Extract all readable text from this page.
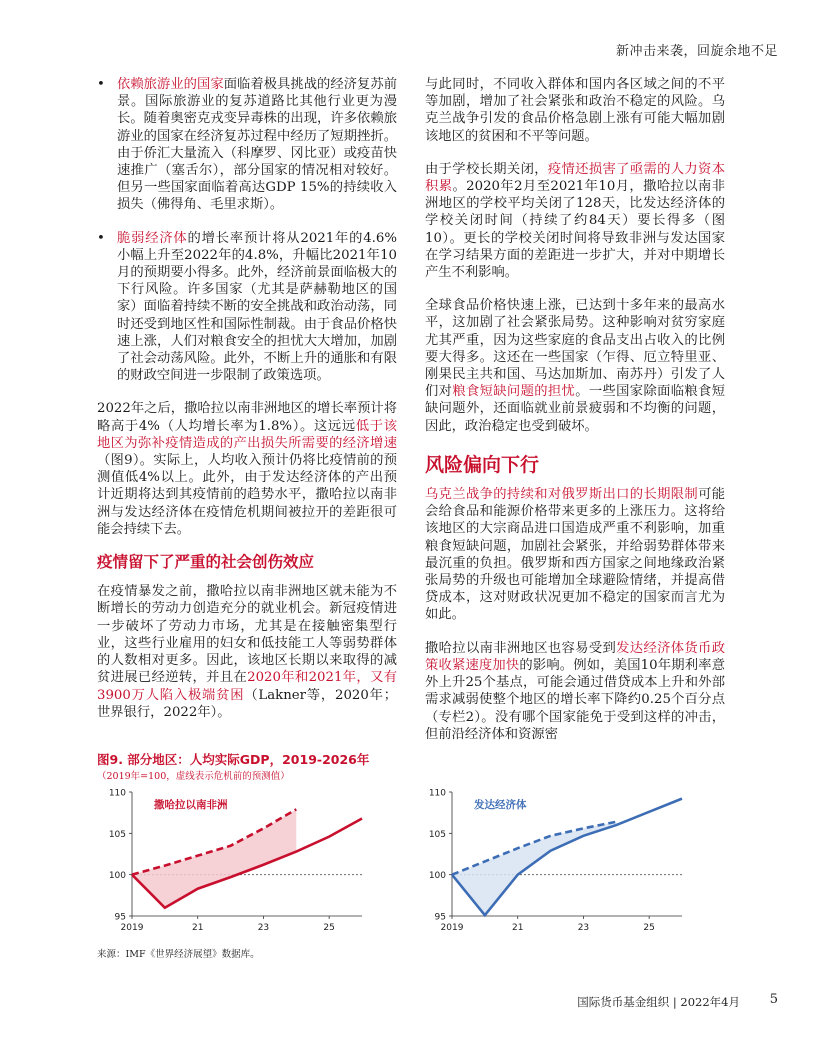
新冲击来袭，回旋余地不足
• 依赖旅游业的国家面临着极具挑战的经济复苏前景。国际旅游业的复苏道路比其他行业更为漫长。随着奥密克戎变异毒株的出现，许多依赖旅游业的国家在经济复苏过程中经历了短期挫折。由于侨汇大量流入（科摩罗、冈比亚）或疫苗快速推广（塞舌尔），部分国家的情况相对较好。但另一些国家面临着高达GDP 15%的持续收入损失（佛得角、毛里求斯）。
• 脆弱经济体的增长率预计将从2021年的4.6%小幅上升至2022年的4.8%，升幅比2021年10月的预期要小得多。此外，经济前景面临极大的下行风险。许多国家（尤其是萨赫勒地区的国家）面临着持续不断的安全挑战和政治动荡，同时还受到地区性和国际性制裁。由于食品价格快速上涨，人们对粮食安全的担忧大大增加，加剧了社会动荡风险。此外，不断上升的通胀和有限的财政空间进一步限制了政策选项。

2022年之后，撒哈拉以南非洲地区的增长率预计将略高于4%（人均增长率为1.8%）。这远远低于该地区为弥补疫情造成的产出损失所需要的经济增速（图9）。实际上，人均收入预计仍将比疫情前的预测值低4%以上。此外，由于发达经济体的产出预计近期将达到其疫情前的趋势水平，撒哈拉以南非洲与发达经济体在疫情危机期间被拉开的差距很可能会持续下去。

疫情留下了严重的社会创伤效应

在疫情暴发之前，撒哈拉以南非洲地区就未能为不断增长的劳动力创造充分的就业机会。新冠疫情进一步破坏了劳动力市场，尤其是在接触密集型行业，这些行业雇用的妇女和低技能工人等弱势群体的人数相对更多。因此，该地区长期以来取得的减贫进展已经逆转，并且在2020年和2021年，又有3900万人陷入极端贫困（Lakner等，2020年；世界银行，2022年）。

与此同时，不同收入群体和国内各区域之间的不平等加剧，增加了社会紧张和政治不稳定的风险。乌克兰战争引发的食品价格急剧上涨有可能大幅加剧该地区的贫困和不平等问题。

由于学校长期关闭，疫情还损害了亟需的人力资本积累。2020年2月至2021年10月，撒哈拉以南非洲地区的学校平均关闭了128天，比发达经济体的学校关闭时间（持续了约84天）要长得多（图10）。更长的学校关闭时间将导致非洲与发达国家在学习结果方面的差距进一步扩大，并对中期增长产生不利影响。

全球食品价格快速上涨，已达到十多年来的最高水平，这加剧了社会紧张局势。这种影响对贫穷家庭尤其严重，因为这些家庭的食品支出占收入的比例要大得多。这还在一些国家（乍得、厄立特里亚、刚果民主共和国、马达加斯加、南苏丹）引发了人们对粮食短缺问题的担忧。一些国家除面临粮食短缺问题外，还面临就业前景疲弱和不均衡的问题，因此，政治稳定也受到破坏。

风险偏向下行

乌克兰战争的持续和对俄罗斯出口的长期限制可能会给食品和能源价格带来更多的上涨压力。这将给该地区的大宗商品进口国造成严重不利影响，加重粮食短缺问题，加剧社会紧张，并给弱势群体带来最沉重的负担。俄罗斯和西方国家之间地缘政治紧张局势的升级也可能增加全球避险情绪，并提高借贷成本，这对财政状况更加不稳定的国家而言尤为如此。

撒哈拉以南非洲地区也容易受到发达经济体货币政策收紧速度加快的影响。例如，美国10年期利率意外上升25个基点，可能会通过借贷成本上升和外部需求减弱使整个地区的增长率下降约0.25个百分点（专栏2）。没有哪个国家能免于受到这样的冲击，但前沿经济体和资源密

图9. 部分地区：人均实际GDP，2019-2026年
（2019年=100，虚线表示危机前的预测值）
95
100
105
110
2019	21	23	25
撒哈拉以南非洲
95
100
105
110
2019	21	23	25
发达经济体
来源：IMF《世界经济展望》数据库。
国际货币基金组织 | 2022年4月 5
